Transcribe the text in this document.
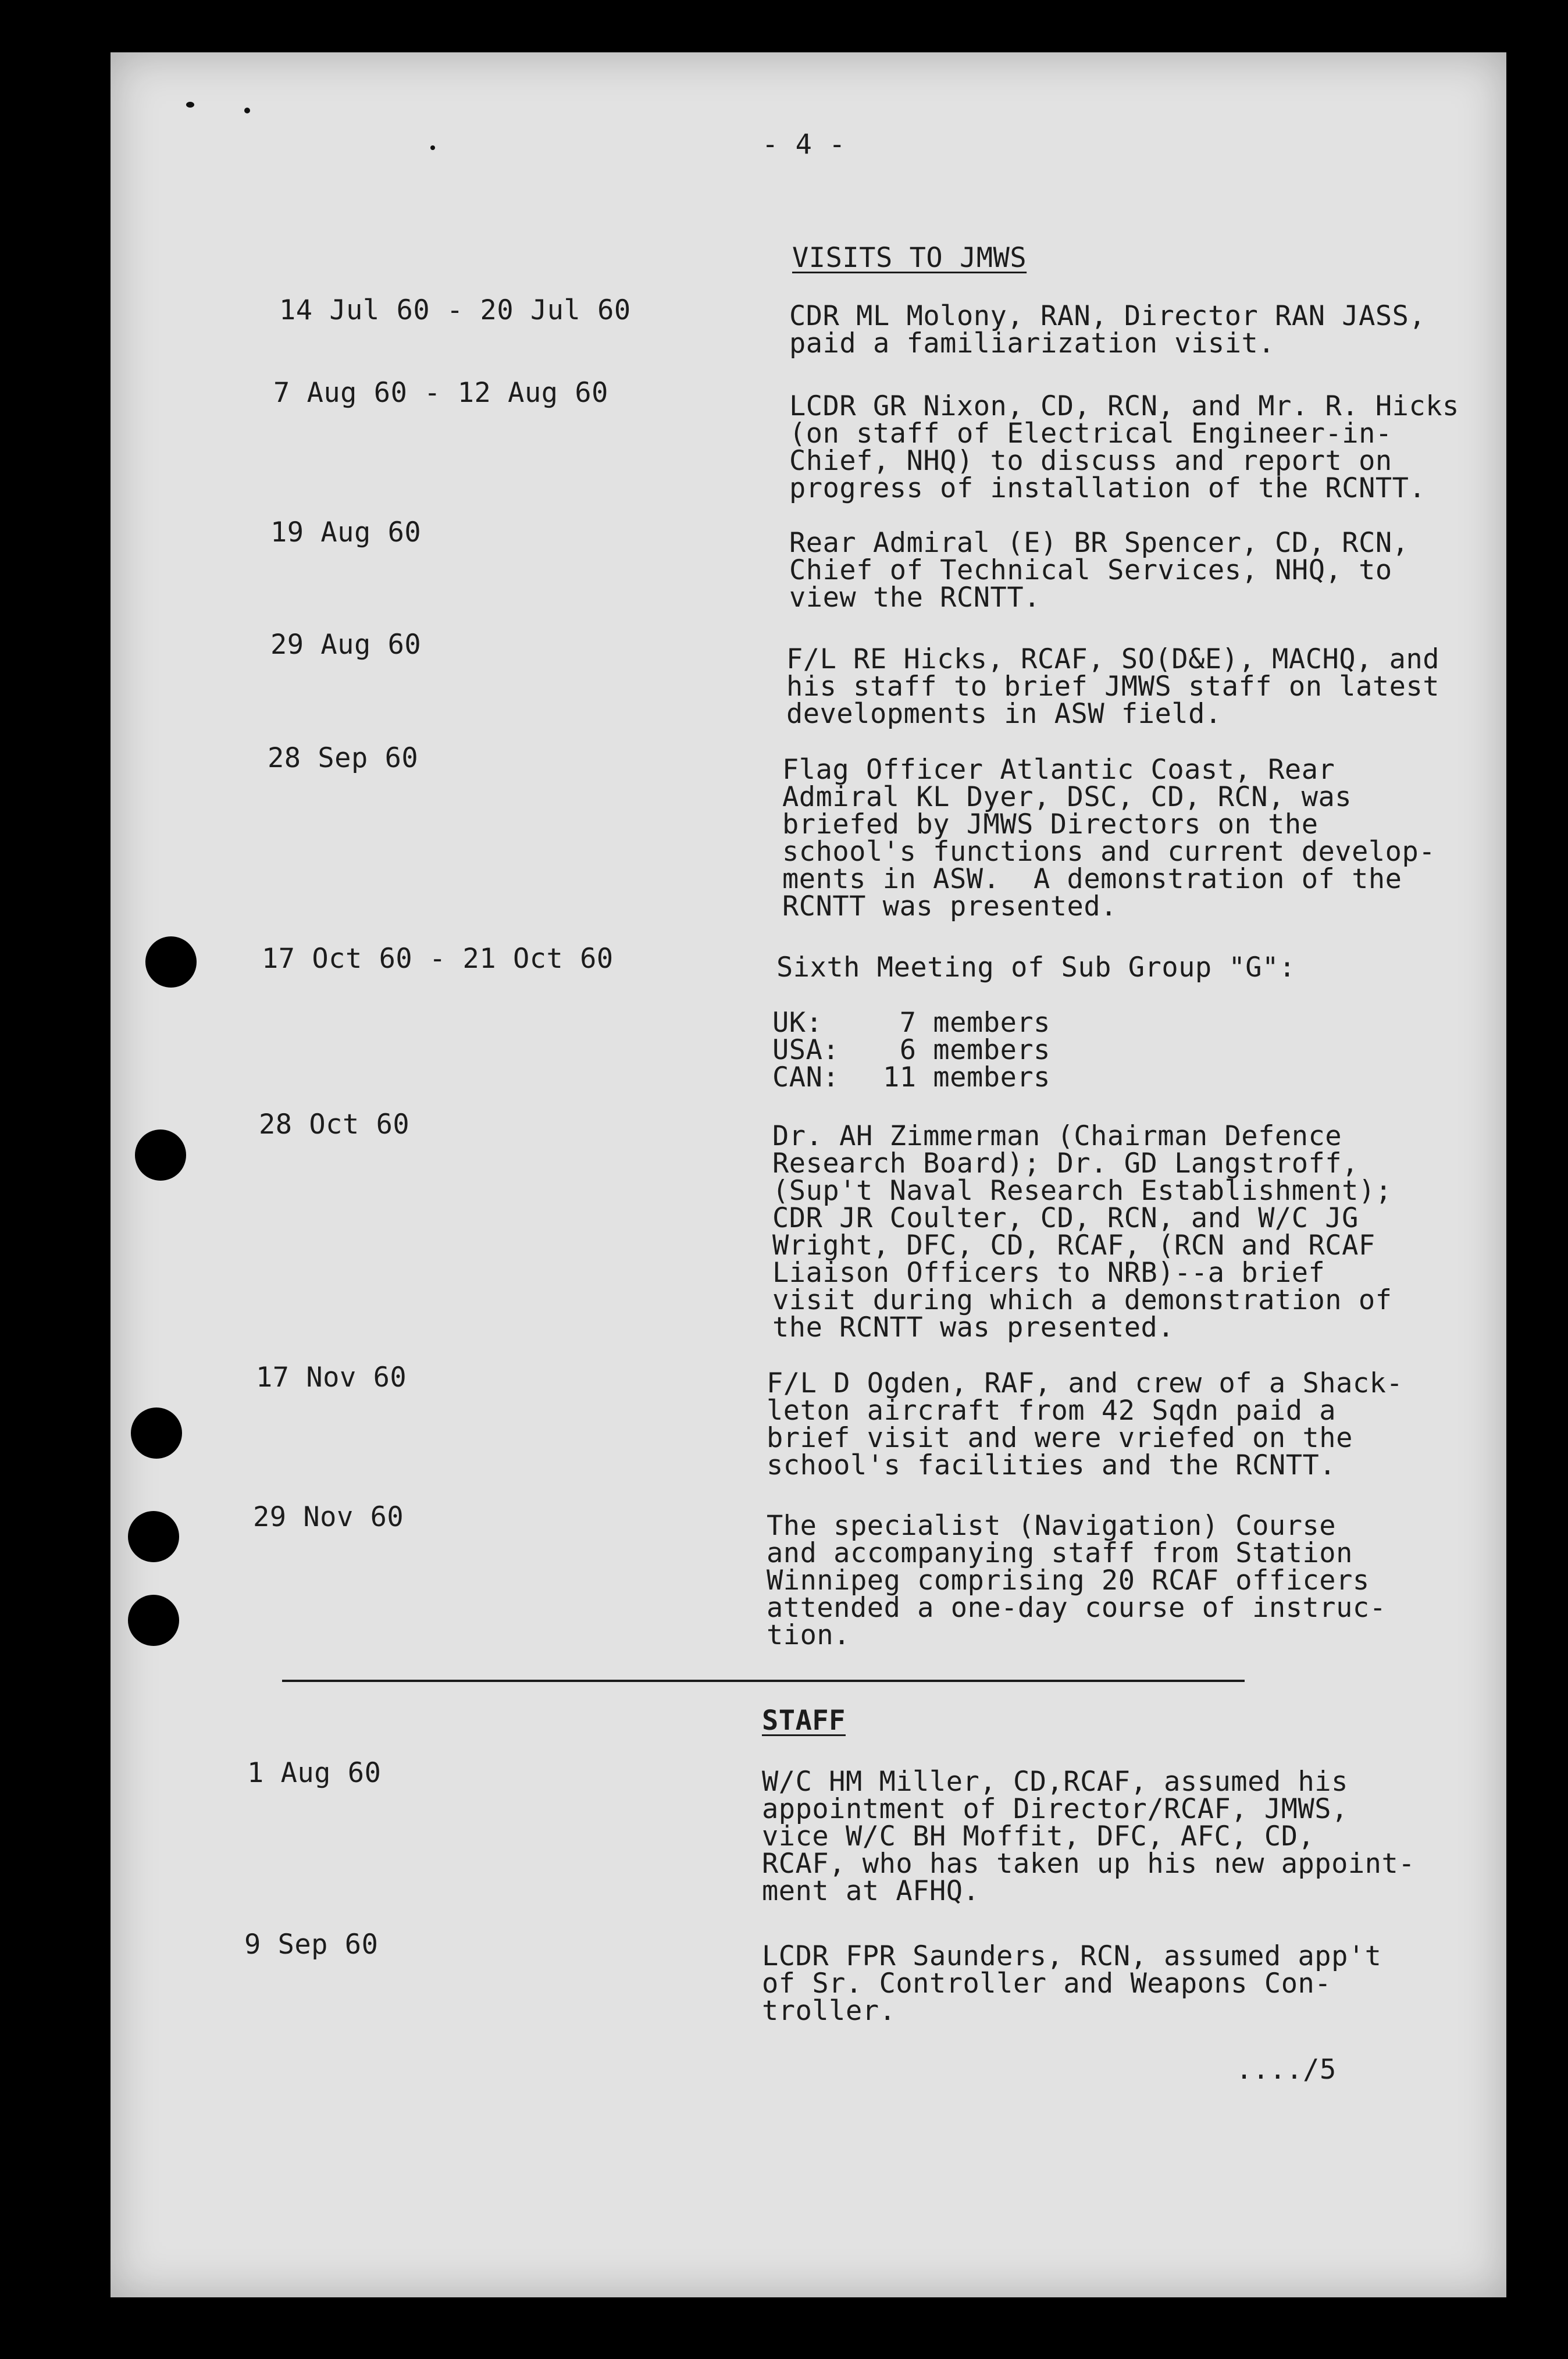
- 4 -
VISITS TO JMWS
14 Jul 60 - 20 Jul 60	CDR ML Molony, RAN, Director RAN JASS,
paid a familiarization visit.
7 Aug 60 - 12 Aug 60	LCDR GR Nixon, CD, RCN, and Mr. R. Hicks
(on staff of Electrical Engineer-in-
Chief, NHQ) to discuss and report on
progress of installation of the RCNTT.
19 Aug 60	Rear Admiral (E) BR Spencer, CD, RCN,
Chief of Technical Services, NHQ, to
view the RCNTT.
29 Aug 60	F/L RE Hicks, RCAF, SO(D&E), MACHQ, and
his staff to brief JMWS staff on latest
developments in ASW field.
28 Sep 60	Flag Officer Atlantic Coast, Rear
Admiral KL Dyer, DSC, CD, RCN, was
briefed by JMWS Directors on the
school's functions and current develop-
ments in ASW.  A demonstration of the
RCNTT was presented.
17 Oct 60 - 21 Oct 60	Sixth Meeting of Sub Group "G":
UK: 7 members
USA: 6 members
CAN: 11 members
28 Oct 60	Dr. AH Zimmerman (Chairman Defence
Research Board); Dr. GD Langstroff,
(Sup't Naval Research Establishment);
CDR JR Coulter, CD, RCN, and W/C JG
Wright, DFC, CD, RCAF, (RCN and RCAF
Liaison Officers to NRB)--a brief
visit during which a demonstration of
the RCNTT was presented.
17 Nov 60	F/L D Ogden, RAF, and crew of a Shack-
leton aircraft from 42 Sqdn paid a
brief visit and were vriefed on the
school's facilities and the RCNTT.
29 Nov 60	The specialist (Navigation) Course
and accompanying staff from Station
Winnipeg comprising 20 RCAF officers
attended a one-day course of instruc-
tion.
STAFF
1 Aug 60	W/C HM Miller, CD,RCAF, assumed his
appointment of Director/RCAF, JMWS,
vice W/C BH Moffit, DFC, AFC, CD,
RCAF, who has taken up his new appoint-
ment at AFHQ.
9 Sep 60	LCDR FPR Saunders, RCN, assumed app't
of Sr. Controller and Weapons Con-
troller.
..../5
